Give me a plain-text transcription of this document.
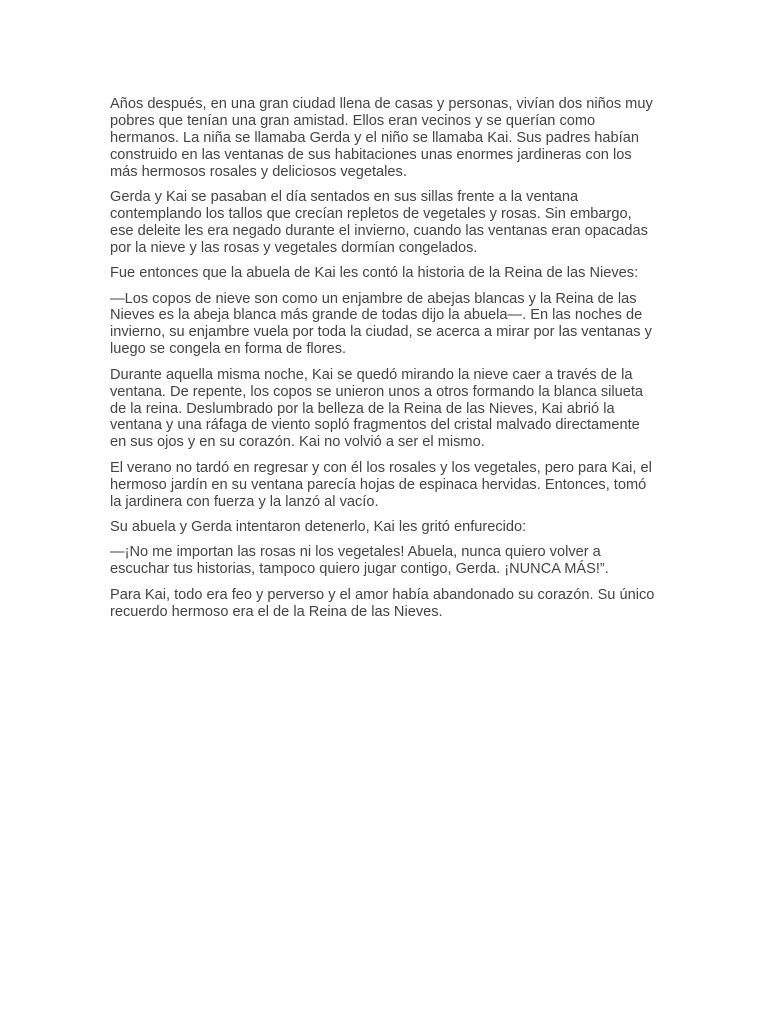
Años después, en una gran ciudad llena de casas y personas, vivían dos niños muy pobres que tenían una gran amistad. Ellos eran vecinos y se querían como hermanos. La niña se llamaba Gerda y el niño se llamaba Kai. Sus padres habían construido en las ventanas de sus habitaciones unas enormes jardineras con los más hermosos rosales y deliciosos vegetales.

Gerda y Kai se pasaban el día sentados en sus sillas frente a la ventana contemplando los tallos que crecían repletos de vegetales y rosas. Sin embargo, ese deleite les era negado durante el invierno, cuando las ventanas eran opacadas por la nieve y las rosas y vegetales dormían congelados.

Fue entonces que la abuela de Kai les contó la historia de la Reina de las Nieves:

—Los copos de nieve son como un enjambre de abejas blancas y la Reina de las Nieves es la abeja blanca más grande de todas dijo la abuela—. En las noches de invierno, su enjambre vuela por toda la ciudad, se acerca a mirar por las ventanas y luego se congela en forma de flores.

Durante aquella misma noche, Kai se quedó mirando la nieve caer a través de la ventana. De repente, los copos se unieron unos a otros formando la blanca silueta de la reina. Deslumbrado por la belleza de la Reina de las Nieves, Kai abrió la ventana y una ráfaga de viento sopló fragmentos del cristal malvado directamente en sus ojos y en su corazón. Kai no volvió a ser el mismo.

El verano no tardó en regresar y con él los rosales y los vegetales, pero para Kai, el hermoso jardín en su ventana parecía hojas de espinaca hervidas. Entonces, tomó la jardinera con fuerza y la lanzó al vacío.

Su abuela y Gerda intentaron detenerlo, Kai les gritó enfurecido:

—¡No me importan las rosas ni los vegetales! Abuela, nunca quiero volver a escuchar tus historias, tampoco quiero jugar contigo, Gerda. ¡NUNCA MÁS!”.

Para Kai, todo era feo y perverso y el amor había abandonado su corazón. Su único recuerdo hermoso era el de la Reina de las Nieves.
